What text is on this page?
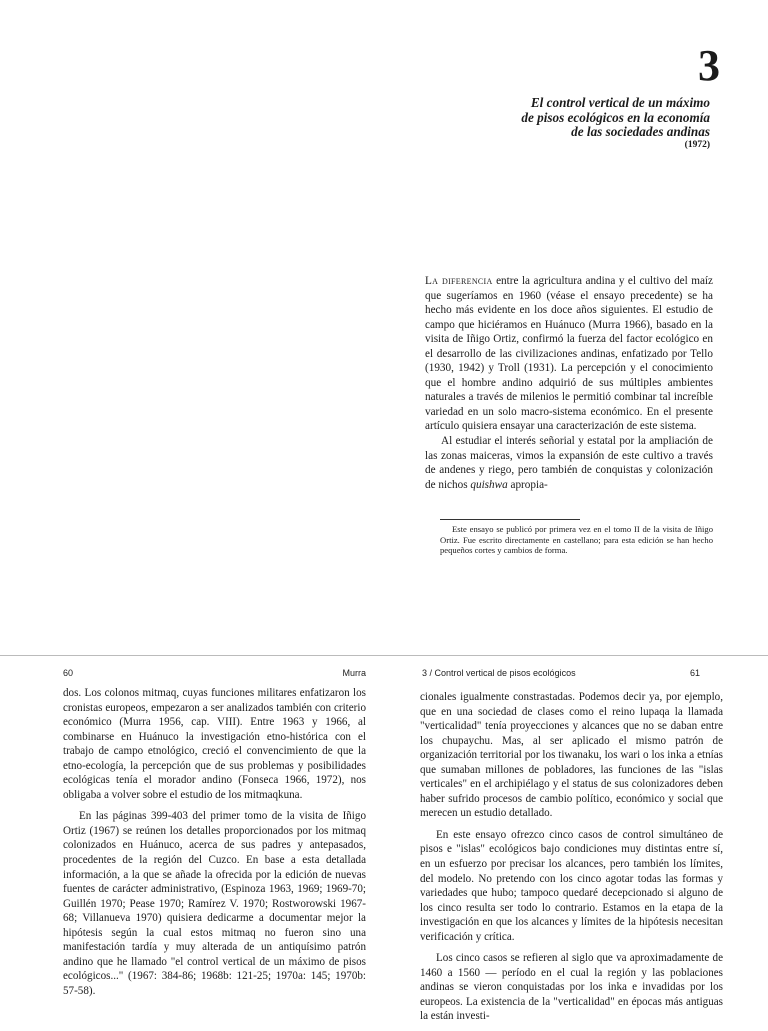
3
El control vertical de un máximo
de pisos ecológicos en la economía
de las sociedades andinas
(1972)

La diferencia entre la agricultura andina y el cultivo del maíz que sugeríamos en 1960 (véase el ensayo precedente) se ha hecho más evidente en los doce años siguientes. El estudio de campo que hiciéramos en Huánuco (Murra 1966), basado en la visita de Iñigo Ortiz, confirmó la fuerza del factor ecológico en el desarrollo de las civilizaciones andinas, enfatizado por Tello (1930, 1942) y Troll (1931). La percepción y el conocimiento que el hombre andino adquirió de sus múltiples ambientes naturales a través de milenios le permitió combinar tal increíble variedad en un solo macro-sistema económico. En el presente artículo quisiera ensayar una caracterización de este sistema.

Al estudiar el interés señorial y estatal por la ampliación de las zonas maiceras, vimos la expansión de este cultivo a través de andenes y riego, pero también de conquistas y colonización de nichos quishwa apropia-

Este ensayo se publicó por primera vez en el tomo II de la visita de Iñigo Ortiz. Fue escrito directamente en castellano; para esta edición se han hecho pequeños cortes y cambios de forma.

60	Murra

dos. Los colonos mitmaq, cuyas funciones militares enfatizaron los cronistas europeos, empezaron a ser analizados también con criterio económico (Murra 1956, cap. VIII). Entre 1963 y 1966, al combinarse en Huánuco la investigación etno-histórica con el trabajo de campo etnológico, creció el convencimiento de que la etno-ecología, la percepción que de sus problemas y posibilidades ecológicas tenía el morador andino (Fonseca 1966, 1972), nos obligaba a volver sobre el estudio de los mitmaqkuna.

En las páginas 399-403 del primer tomo de la visita de Iñigo Ortiz (1967) se reúnen los detalles proporcionados por los mitmaq colonizados en Huánuco, acerca de sus padres y antepasados, procedentes de la región del Cuzco. En base a esta detallada información, a la que se añade la ofrecida por la edición de nuevas fuentes de carácter administrativo, (Espinoza 1963, 1969; 1969-70; Guillén 1970; Pease 1970; Ramírez V. 1970; Rostworowski 1967-68; Villanueva 1970) quisiera dedicarme a documentar mejor la hipótesis según la cual estos mitmaq no fueron sino una manifestación tardía y muy alterada de un antiquísimo patrón andino que he llamado "el control vertical de un máximo de pisos ecológicos..." (1967: 384-86; 1968b: 121-25; 1970a: 145; 1970b: 57-58).

3 / Control vertical de pisos ecológicos	61

cionales igualmente constrastadas. Podemos decir ya, por ejemplo, que en una sociedad de clases como el reino lupaqa la llamada "verticalidad" tenía proyecciones y alcances que no se daban entre los chupaychu. Mas, al ser aplicado el mismo patrón de organización territorial por los tiwanaku, los wari o los inka a etnías que sumaban millones de pobladores, las funciones de las "islas verticales" en el archipiélago y el status de sus colonizadores deben haber sufrido procesos de cambio político, económico y social que merecen un estudio detallado.

En este ensayo ofrezco cinco casos de control simultáneo de pisos e "islas" ecológicos bajo condiciones muy distintas entre sí, en un esfuerzo por precisar los alcances, pero también los límites, del modelo. No pretendo con los cinco agotar todas las formas y variedades que hubo; tampoco quedaré decepcionado si alguno de los cinco resulta ser todo lo contrario. Estamos en la etapa de la investigación en que los alcances y límites de la hipótesis necesitan verificación y crítica.

Los cinco casos se refieren al siglo que va aproximadamente de 1460 a 1560 — período en el cual la región y las poblaciones andinas se vieron conquistadas por los inka e invadidas por los europeos. La existencia de la "verticalidad" en épocas más antiguas la están investi-
